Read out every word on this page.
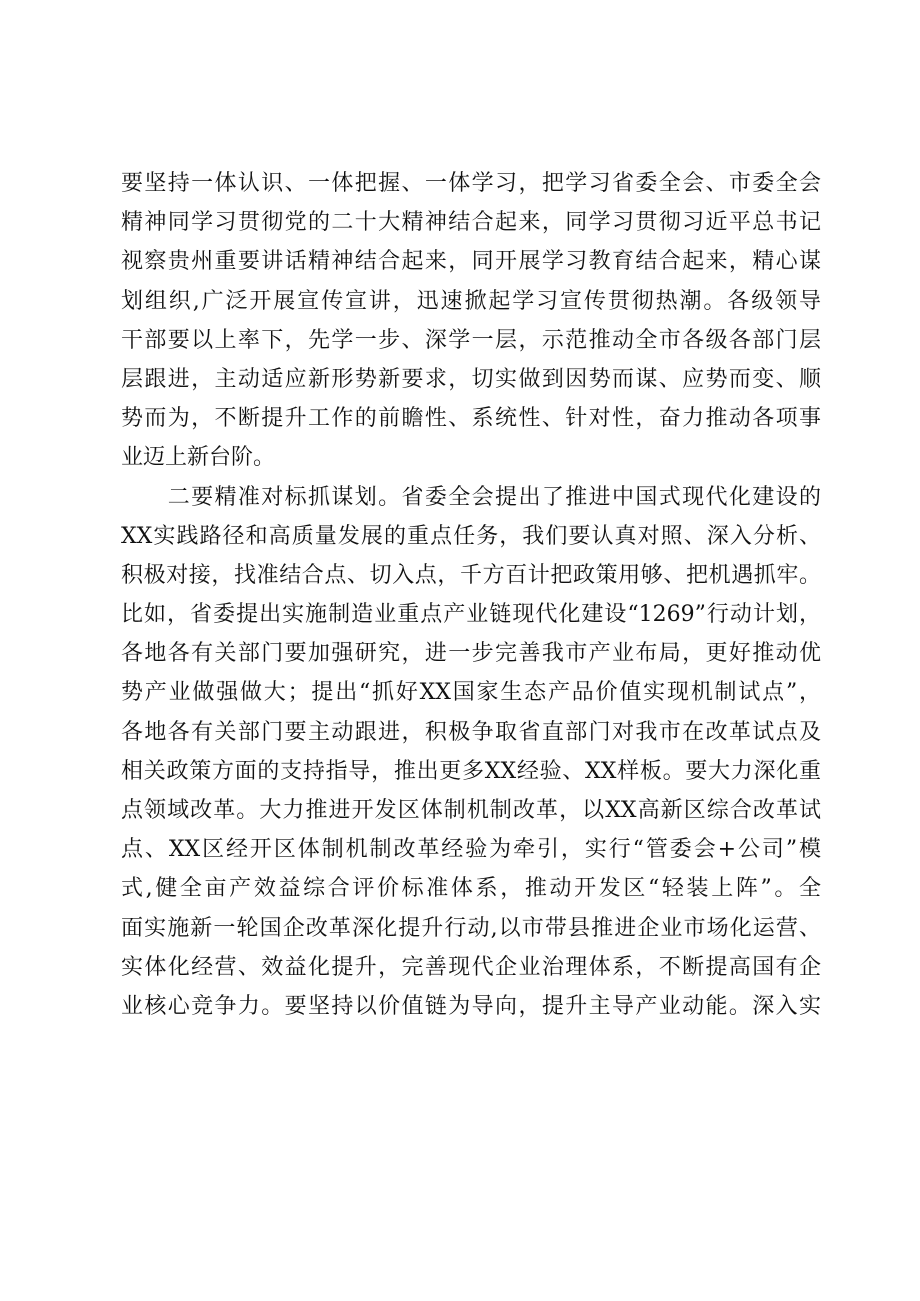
要坚持一体认识、一体把握、一体学习，把学习省委全会、市委全会
精神同学习贯彻党的二十大精神结合起来，同学习贯彻习近平总书记
视察贵州重要讲话精神结合起来，同开展学习教育结合起来，精心谋
划组织,广泛开展宣传宣讲，迅速掀起学习宣传贯彻热潮。各级领导
干部要以上率下，先学一步、深学一层，示范推动全市各级各部门层
层跟进，主动适应新形势新要求，切实做到因势而谋、应势而变、顺
势而为，不断提升工作的前瞻性、系统性、针对性，奋力推动各项事
业迈上新台阶。
　　二要精准对标抓谋划。省委全会提出了推进中国式现代化建设的
XX实践路径和高质量发展的重点任务，我们要认真对照、深入分析、
积极对接，找准结合点、切入点，千方百计把政策用够、把机遇抓牢。
比如，省委提出实施制造业重点产业链现代化建设“1269”行动计划，
各地各有关部门要加强研究，进一步完善我市产业布局，更好推动优
势产业做强做大；提出“抓好XX国家生态产品价值实现机制试点”，
各地各有关部门要主动跟进，积极争取省直部门对我市在改革试点及
相关政策方面的支持指导，推出更多XX经验、XX样板。要大力深化重
点领域改革。大力推进开发区体制机制改革，以XX高新区综合改革试
点、XX区经开区体制机制改革经验为牵引，实行“管委会+公司”模
式,健全亩产效益综合评价标准体系，推动开发区“轻装上阵”。全
面实施新一轮国企改革深化提升行动,以市带县推进企业市场化运营、
实体化经营、效益化提升，完善现代企业治理体系，不断提高国有企
业核心竞争力。要坚持以价值链为导向，提升主导产业动能。深入实
